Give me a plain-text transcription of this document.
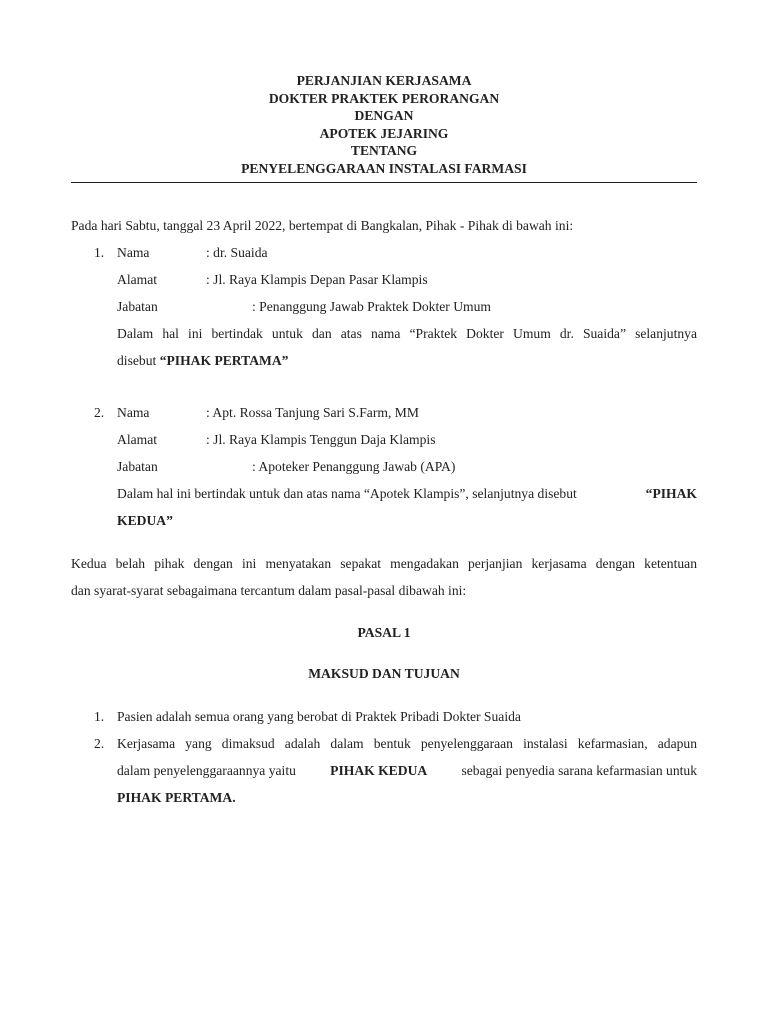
PERJANJIAN KERJASAMA
DOKTER PRAKTEK PERORANGAN
DENGAN
APOTEK JEJARING
TENTANG
PENYELENGGARAAN INSTALASI FARMASI
Pada hari Sabtu, tanggal 23 April 2022, bertempat di Bangkalan, Pihak - Pihak di bawah ini:
1. Nama	: dr. Suaida
Alamat	: Jl. Raya Klampis Depan Pasar Klampis
Jabatan	: Penanggung Jawab Praktek Dokter Umum
Dalam hal ini bertindak untuk dan atas nama “Praktek Dokter Umum dr. Suaida” selanjutnya
disebut “PIHAK PERTAMA”
2. Nama	: Apt. Rossa Tanjung Sari S.Farm, MM
Alamat	: Jl. Raya Klampis Tenggun Daja Klampis
Jabatan	: Apoteker Penanggung Jawab (APA)
Dalam hal ini bertindak untuk dan atas nama “Apotek Klampis”, selanjutnya disebut	“PIHAK
KEDUA”
Kedua belah pihak dengan ini menyatakan sepakat mengadakan perjanjian kerjasama dengan ketentuan
dan syarat-syarat sebagaimana tercantum dalam pasal-pasal dibawah ini:
PASAL 1
MAKSUD DAN TUJUAN
1. Pasien adalah semua orang yang berobat di Praktek Pribadi Dokter Suaida
2. Kerjasama yang dimaksud adalah dalam bentuk penyelenggaraan instalasi kefarmasian, adapun
dalam penyelenggaraannya yaitu	PIHAK KEDUA	sebagai penyedia sarana kefarmasian untuk
PIHAK PERTAMA.
